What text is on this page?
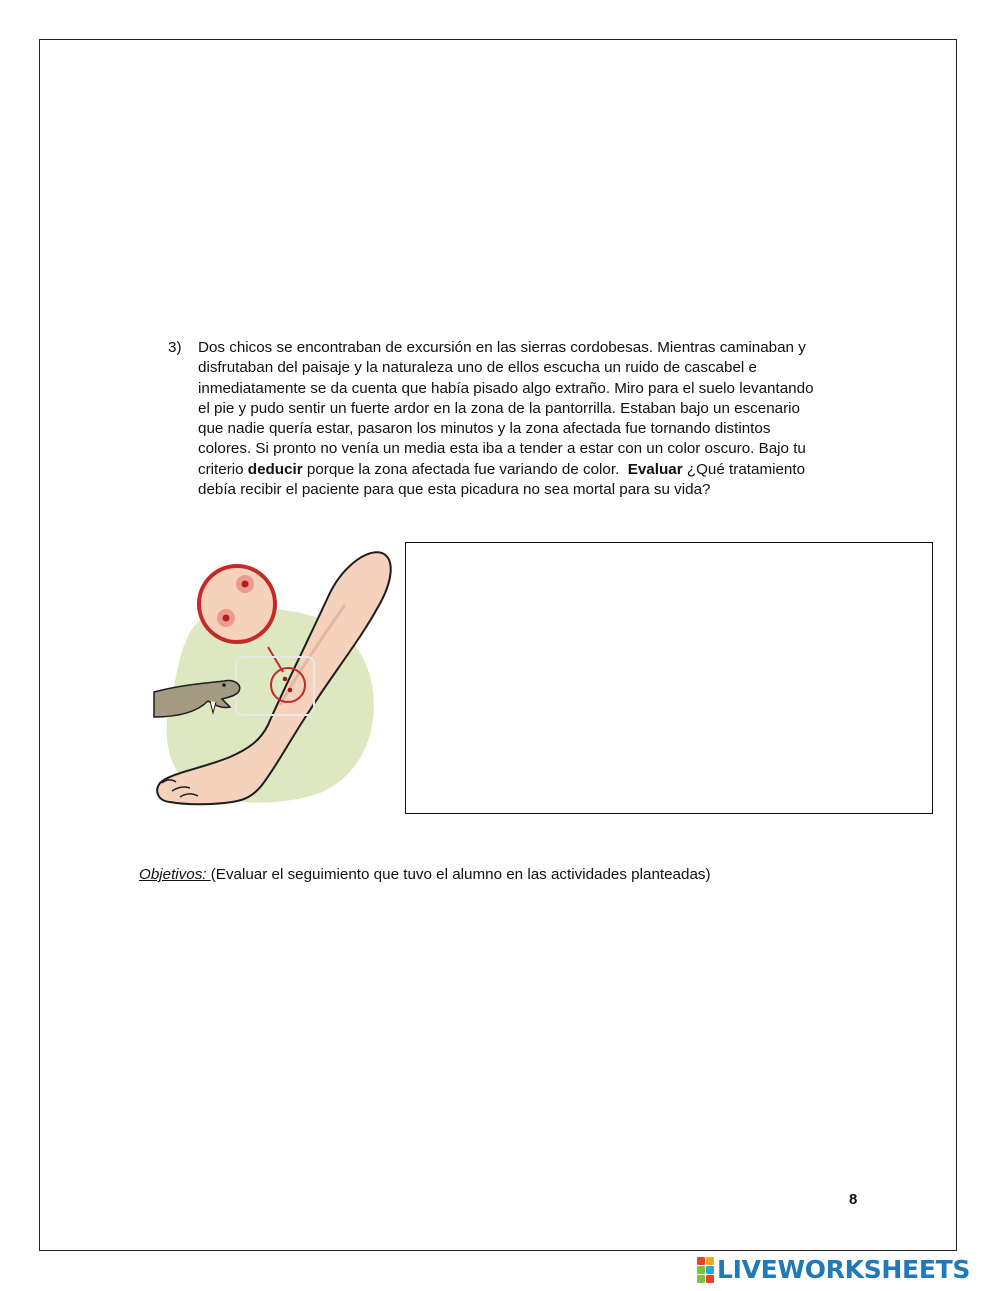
3) Dos chicos se encontraban de excursión en las sierras cordobesas. Mientras caminaban y
disfrutaban del paisaje y la naturaleza uno de ellos escucha un ruido de cascabel e
inmediatamente se da cuenta que había pisado algo extraño. Miro para el suelo levantando
el pie y pudo sentir un fuerte ardor en la zona de la pantorrilla. Estaban bajo un escenario
que nadie quería estar, pasaron los minutos y la zona afectada fue tornando distintos
colores. Si pronto no venía un media esta iba a tender a estar con un color oscuro. Bajo tu
criterio deducir porque la zona afectada fue variando de color.  Evaluar ¿Qué tratamiento
debía recibir el paciente para que esta picadura no sea mortal para su vida?
Objetivos: (Evaluar el seguimiento que tuvo el alumno en las actividades planteadas)
8
LIVEWORKSHEETS
